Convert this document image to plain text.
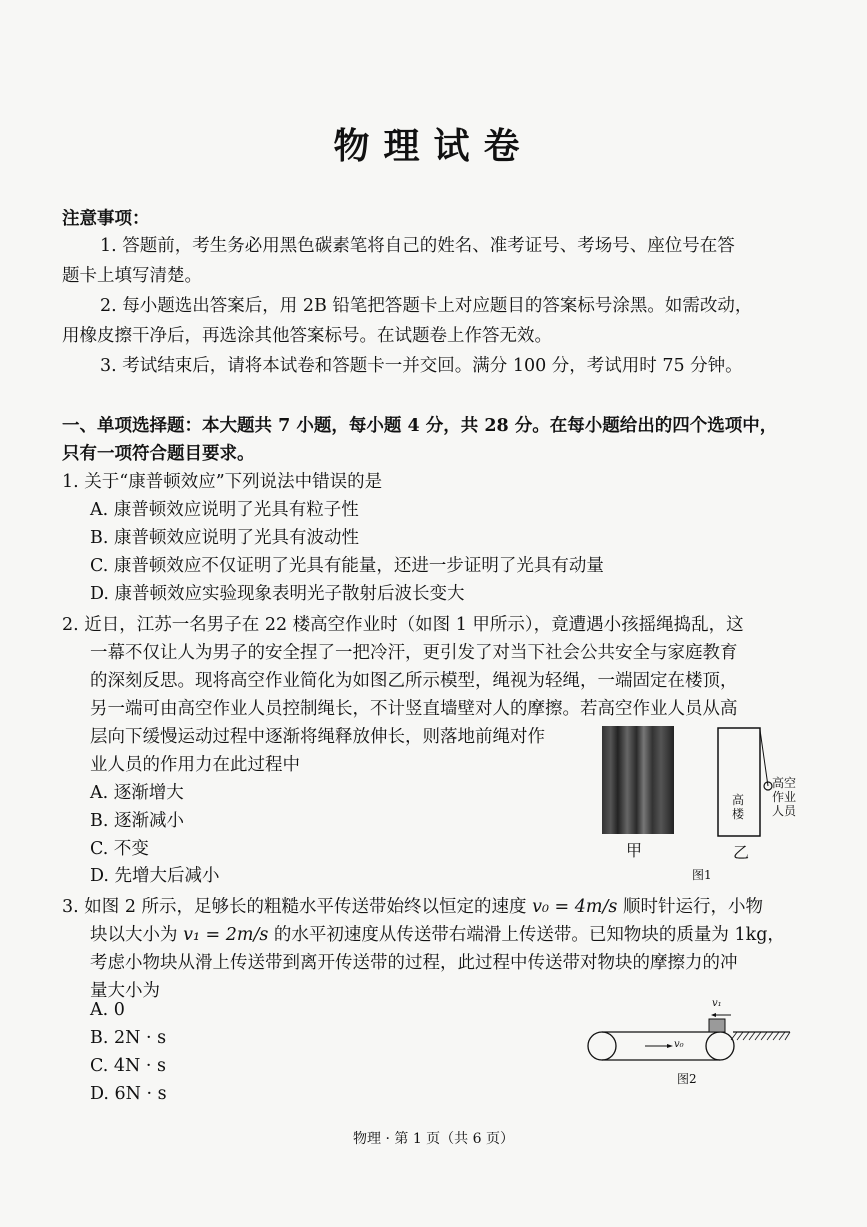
物理试卷
注意事项：
1. 答题前，考生务必用黑色碳素笔将自己的姓名、准考证号、考场号、座位号在答
题卡上填写清楚。
2. 每小题选出答案后，用 2B 铅笔把答题卡上对应题目的答案标号涂黑。如需改动，
用橡皮擦干净后，再选涂其他答案标号。在试题卷上作答无效。
3. 考试结束后，请将本试卷和答题卡一并交回。满分 100 分，考试用时 75 分钟。
一、单项选择题：本大题共 7 小题，每小题 4 分，共 28 分。在每小题给出的四个选项中，
只有一项符合题目要求。
1. 关于“康普顿效应”下列说法中错误的是
A. 康普顿效应说明了光具有粒子性
B. 康普顿效应说明了光具有波动性
C. 康普顿效应不仅证明了光具有能量，还进一步证明了光具有动量
D. 康普顿效应实验现象表明光子散射后波长变大
2. 近日，江苏一名男子在 22 楼高空作业时（如图 1 甲所示），竟遭遇小孩摇绳捣乱，这
一幕不仅让人为男子的安全捏了一把冷汗，更引发了对当下社会公共安全与家庭教育
的深刻反思。现将高空作业简化为如图乙所示模型，绳视为轻绳，一端固定在楼顶，
另一端可由高空作业人员控制绳长，不计竖直墙壁对人的摩擦。若高空作业人员从高
层向下缓慢运动过程中逐渐将绳释放伸长，则落地前绳对作
业人员的作用力在此过程中
A. 逐渐增大
B. 逐渐减小
C. 不变
D. 先增大后减小
高楼
高空
作业
人员
甲	乙
图1
3. 如图 2 所示，足够长的粗糙水平传送带始终以恒定的速度 v₀ = 4m/s 顺时针运行，小物
块以大小为 v₁ = 2m/s 的水平初速度从传送带右端滑上传送带。已知物块的质量为 1kg，
考虑小物块从滑上传送带到离开传送带的过程，此过程中传送带对物块的摩擦力的冲
量大小为
A. 0
B. 2N · s
C. 4N · s
D. 6N · s
v₁
v₀
图2
物理 · 第 1 页（共 6 页）
